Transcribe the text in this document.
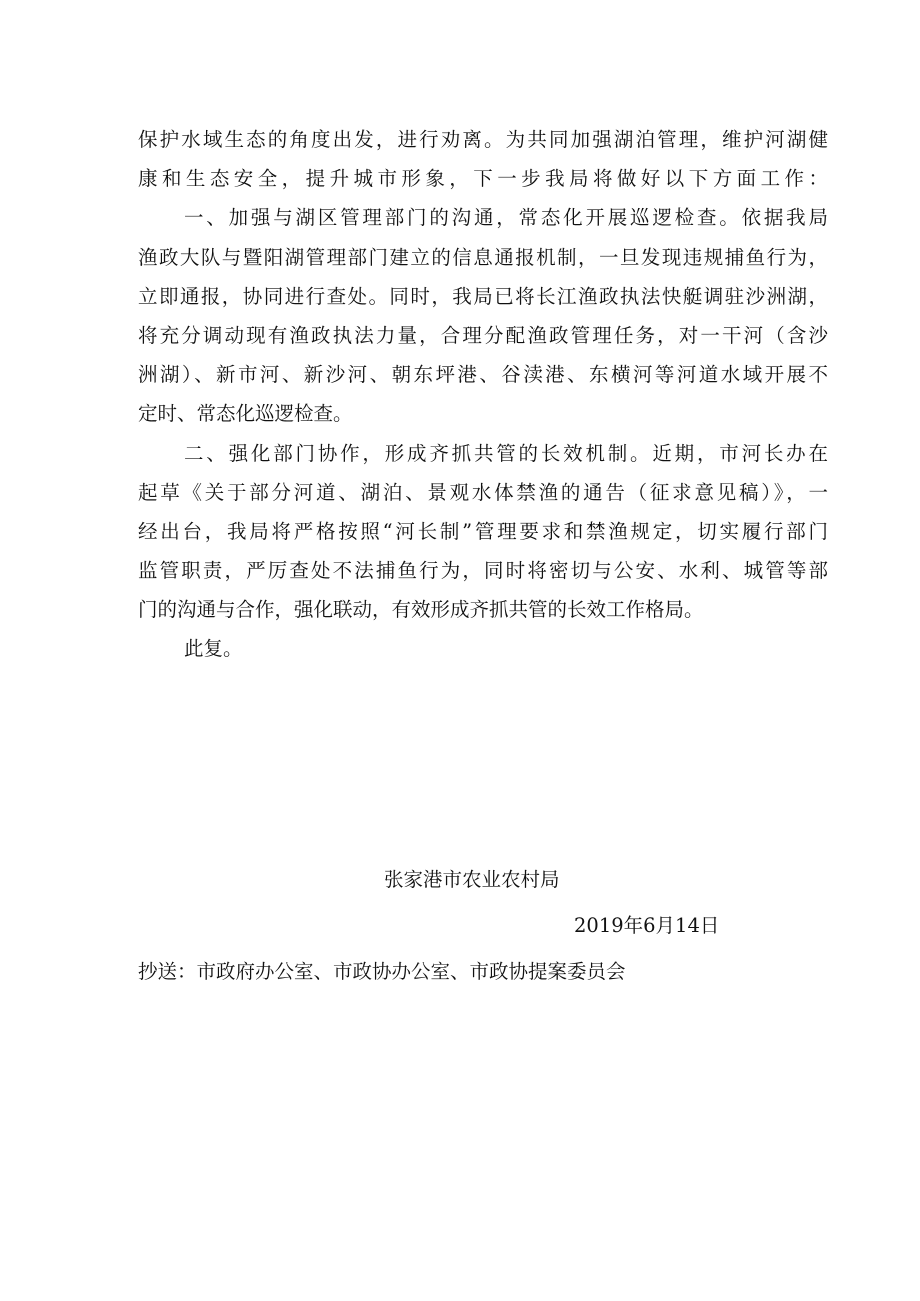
保护水域生态的角度出发，进行劝离。为共同加强湖泊管理，维护河湖健
康和生态安全，提升城市形象，下一步我局将做好以下方面工作：
一、加强与湖区管理部门的沟通，常态化开展巡逻检查。依据我局
渔政大队与暨阳湖管理部门建立的信息通报机制，一旦发现违规捕鱼行为，
立即通报，协同进行查处。同时，我局已将长江渔政执法快艇调驻沙洲湖，
将充分调动现有渔政执法力量，合理分配渔政管理任务，对一干河（含沙
洲湖）、新市河、新沙河、朝东坪港、谷渎港、东横河等河道水域开展不
定时、常态化巡逻检查。
二、强化部门协作，形成齐抓共管的长效机制。近期，市河长办在
起草《关于部分河道、湖泊、景观水体禁渔的通告（征求意见稿）》，一
经出台，我局将严格按照“河长制”管理要求和禁渔规定，切实履行部门
监管职责，严厉查处不法捕鱼行为，同时将密切与公安、水利、城管等部
门的沟通与合作，强化联动，有效形成齐抓共管的长效工作格局。
此复。
张家港市农业农村局
2019年6月14日
抄送：市政府办公室、市政协办公室、市政协提案委员会
